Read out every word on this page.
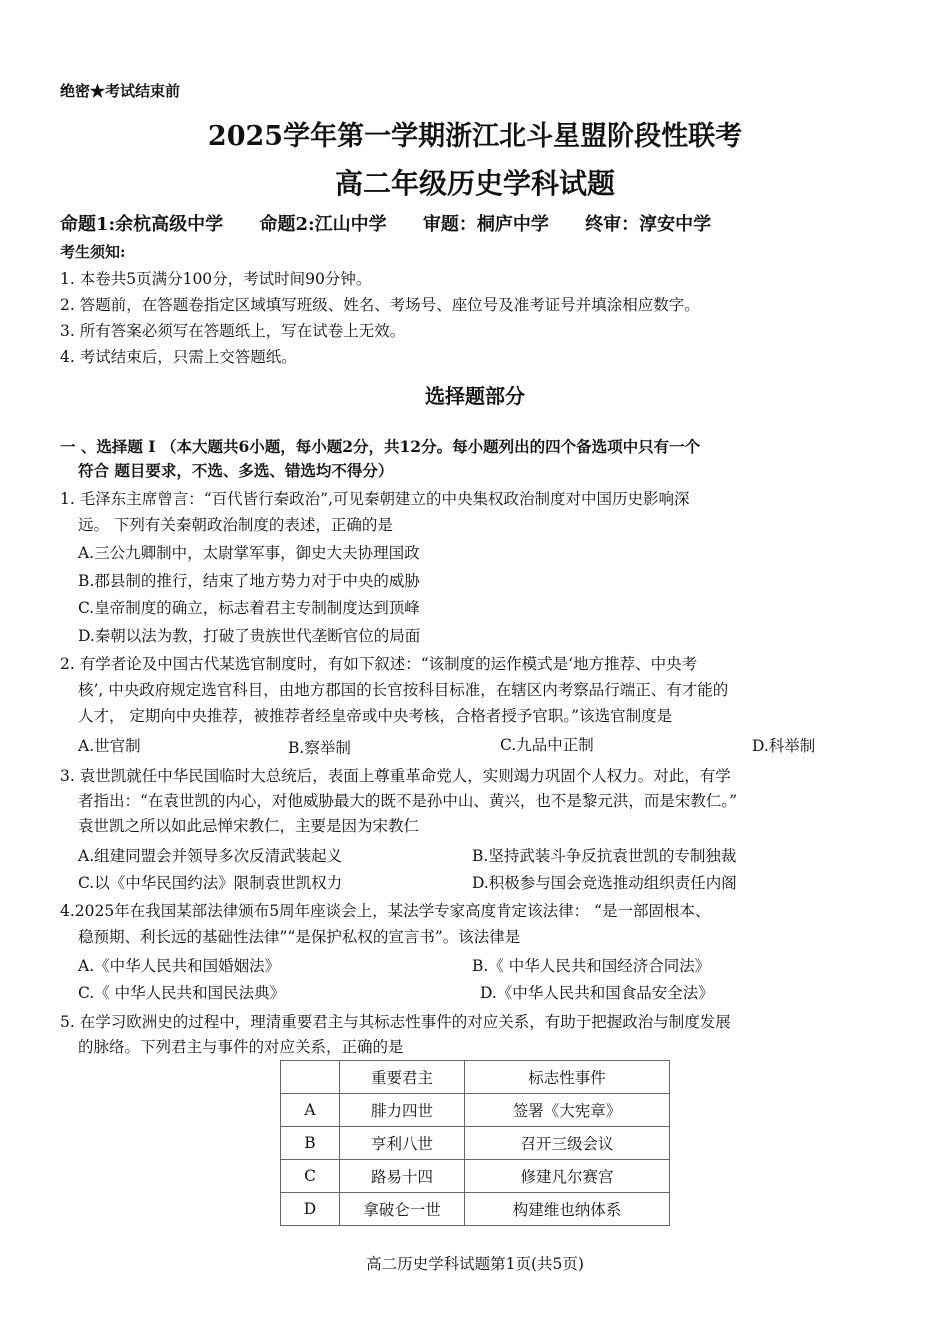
绝密★考试结束前
2025学年第一学期浙江北斗星盟阶段性联考
高二年级历史学科试题
命题1:余杭高级中学 命题2:江山中学 审题：桐庐中学 终审：淳安中学
考生须知:
1. 本卷共5页满分100分，考试时间90分钟。
2. 答题前，在答题卷指定区域填写班级、姓名、考场号、座位号及准考证号并填涂相应数字。
3. 所有答案必须写在答题纸上，写在试卷上无效。
4. 考试结束后，只需上交答题纸。
选择题部分
一 、选择题 I （本大题共6小题，每小题2分，共12分。每小题列出的四个备选项中只有一个
符合 题目要求，不选、多选、错选均不得分）
1. 毛泽东主席曾言：“百代皆行秦政治”,可见秦朝建立的中央集权政治制度对中国历史影响深
远。 下列有关秦朝政治制度的表述，正确的是
A.三公九卿制中，太尉掌军事，御史大夫协理国政
B.郡县制的推行，结束了地方势力对于中央的威胁
C.皇帝制度的确立，标志着君主专制制度达到顶峰
D.秦朝以法为教，打破了贵族世代垄断官位的局面
2. 有学者论及中国古代某选官制度时，有如下叙述：“该制度的运作模式是‘地方推荐、中央考
核’, 中央政府规定选官科目，由地方郡国的长官按科目标准，在辖区内考察品行端正、有才能的
人才， 定期向中央推荐，被推荐者经皇帝或中央考核，合格者授予官职。”该选官制度是
A.世官制	B.察举制	C.九品中正制	D.科举制
3. 袁世凯就任中华民国临时大总统后，表面上尊重革命党人，实则竭力巩固个人权力。对此，有学
者指出：“在袁世凯的内心，对他威胁最大的既不是孙中山、黄兴，也不是黎元洪，而是宋教仁。”
袁世凯之所以如此忌惮宋教仁，主要是因为宋教仁
A.组建同盟会并领导多次反清武装起义	B.坚持武装斗争反抗袁世凯的专制独裁
C.以《中华民国约法》限制袁世凯权力	D.积极参与国会竞选推动组织责任内阁
4.2025年在我国某部法律颁布5周年座谈会上，某法学专家高度肯定该法律： “是一部固根本、
稳预期、利长远的基础性法律”“是保护私权的宣言书”。该法律是
A.《中华人民共和国婚姻法》	B.《 中华人民共和国经济合同法》
C.《 中华人民共和国民法典》	D.《中华人民共和国食品安全法》
5. 在学习欧洲史的过程中，理清重要君主与其标志性事件的对应关系，有助于把握政治与制度发展
的脉络。下列君主与事件的对应关系，正确的是
	重要君主	标志性事件
A	腓力四世	签署《大宪章》
B	亨利八世	召开三级会议
C	路易十四	修建凡尔赛宫
D	拿破仑一世	构建维也纳体系
高二历史学科试题第1页(共5页)
